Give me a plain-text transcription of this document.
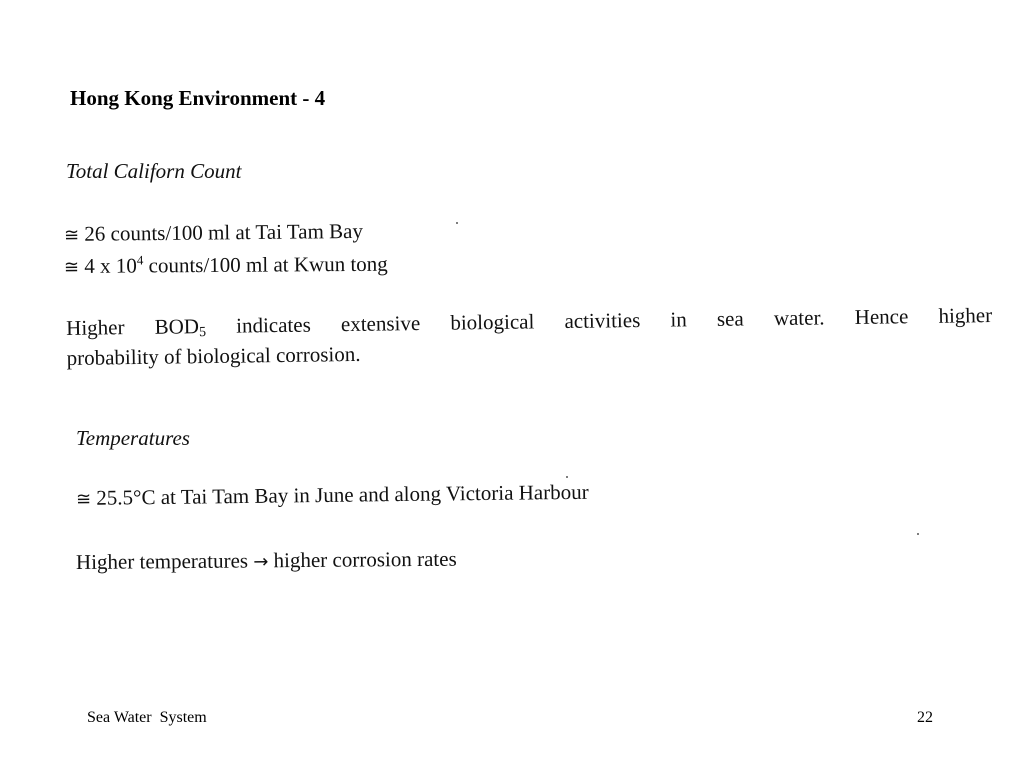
Hong Kong Environment - 4
Total Californ Count
≅ 26 counts/100 ml at Tai Tam Bay
≅ 4 x $10^4$ counts/100 ml at Kwun tong
Higher $BOD_5$ indicates extensive biological activities in sea water. Hence higher
probability of biological corrosion.
Temperatures
≅ 25.5°C at Tai Tam Bay in June and along Victoria Harbour
Higher temperatures → higher corrosion rates
Sea Water  System	22
